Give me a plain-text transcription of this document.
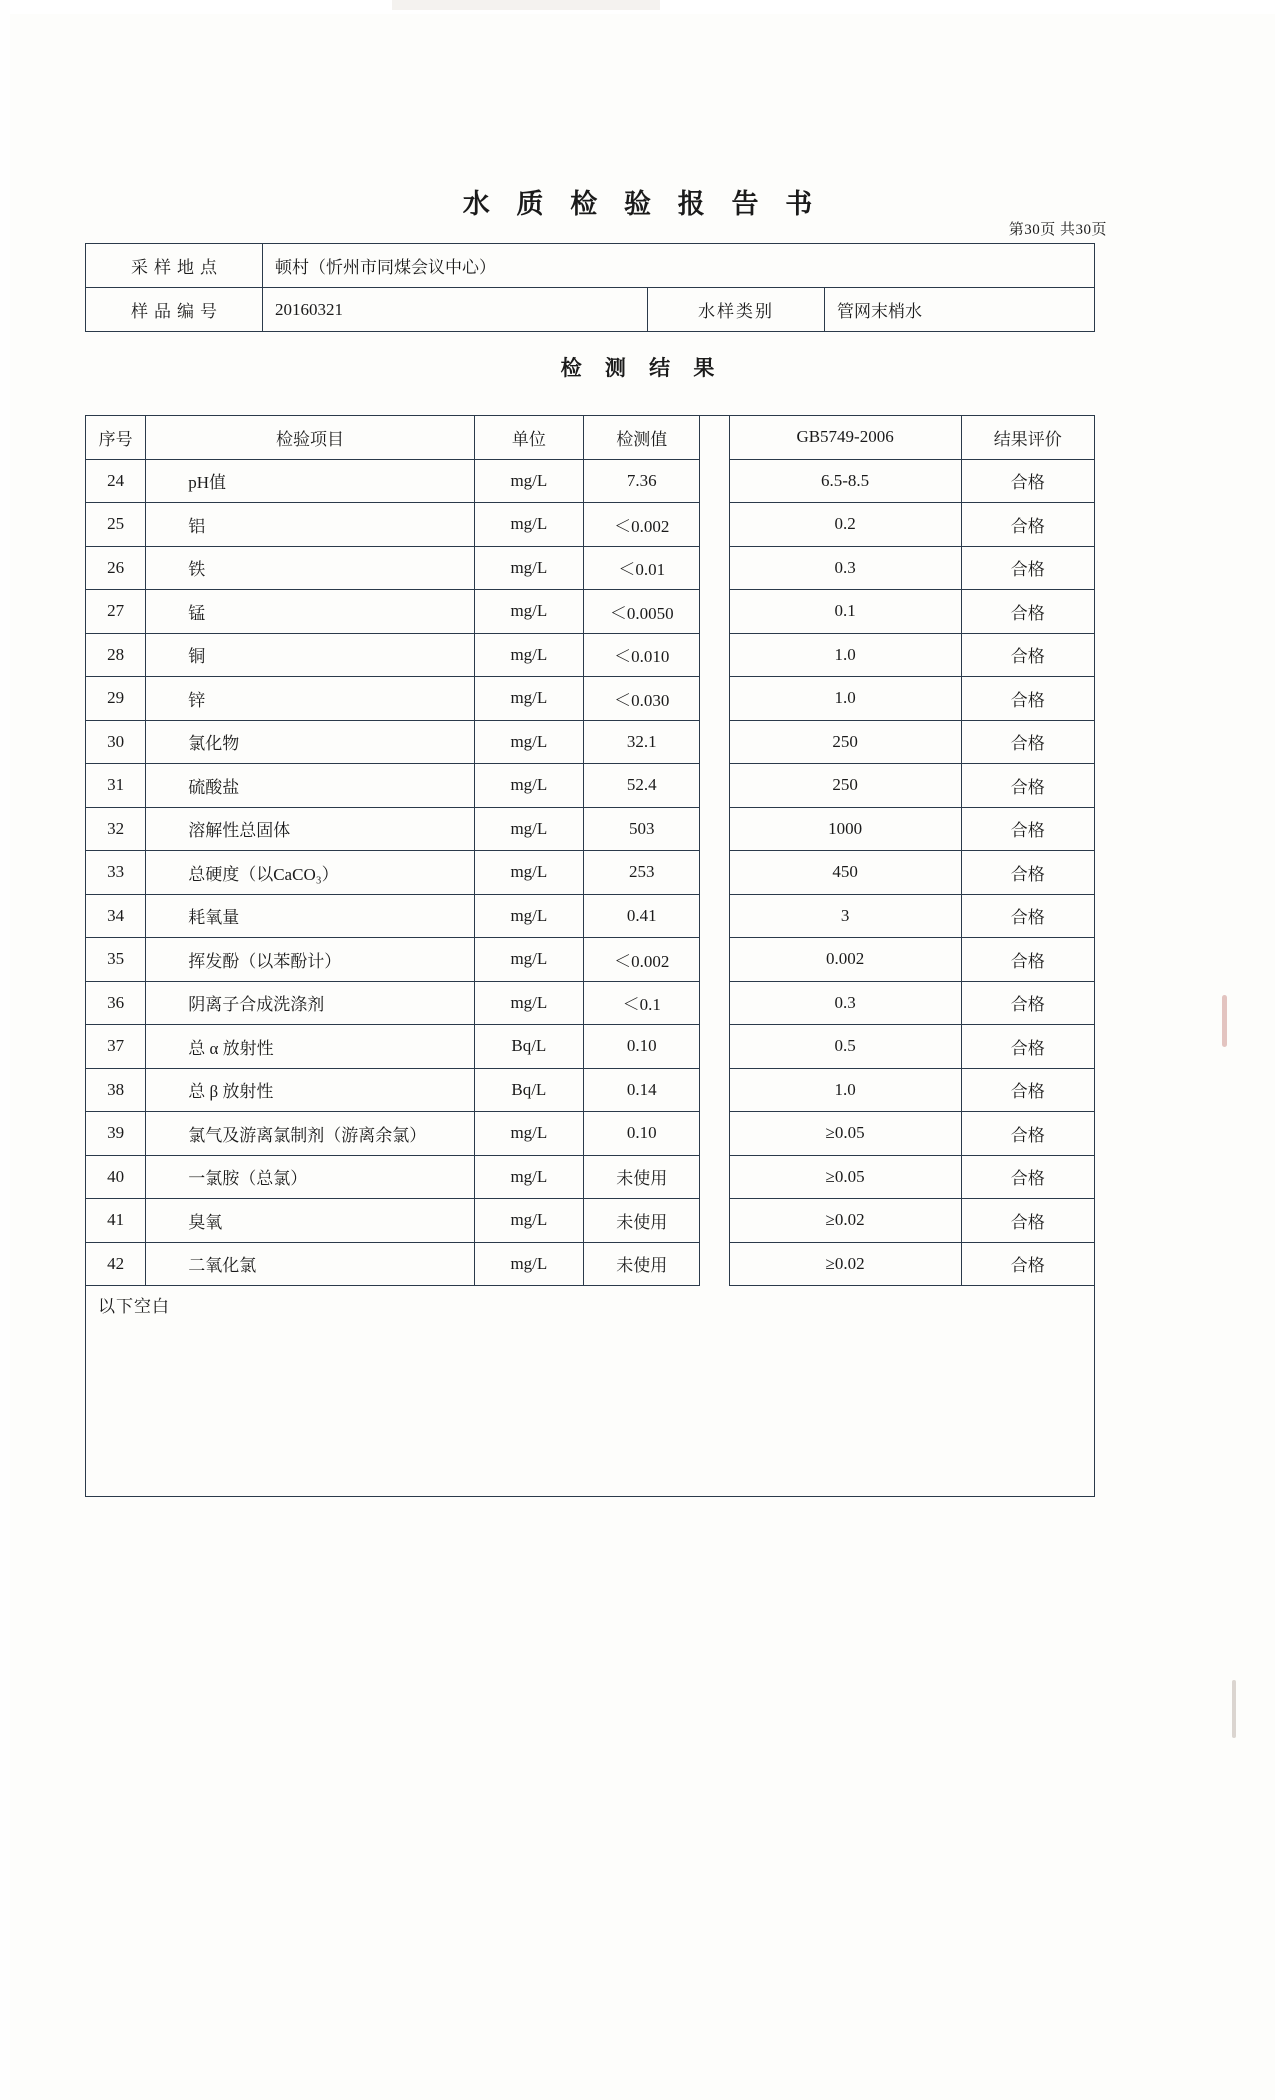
水 质 检 验 报 告 书
第30页 共30页
采样地点	顿村（忻州市同煤会议中心）		
样品编号	20160321	水样类别	管网末梢水
检 测 结 果
序号	检验项目	单位	检测值		GB5749-2006	结果评价
24	pH值	mg/L	7.36		6.5-8.5	合格
25	铝	mg/L	＜0.002		0.2	合格
26	铁	mg/L	＜0.01		0.3	合格
27	锰	mg/L	＜0.0050		0.1	合格
28	铜	mg/L	＜0.010		1.0	合格
29	锌	mg/L	＜0.030		1.0	合格
30	氯化物	mg/L	32.1		250	合格
31	硫酸盐	mg/L	52.4		250	合格
32	溶解性总固体	mg/L	503		1000	合格
33	总硬度（以CaCO₃）	mg/L	253		450	合格
34	耗氧量	mg/L	0.41		3	合格
35	挥发酚（以苯酚计）	mg/L	＜0.002		0.002	合格
36	阴离子合成洗涤剂	mg/L	＜0.1		0.3	合格
37	总 α 放射性	Bq/L	0.10		0.5	合格
38	总 β 放射性	Bq/L	0.14		1.0	合格
39	氯气及游离氯制剂（游离余氯）	mg/L	0.10		≥0.05	合格
40	一氯胺（总氯）	mg/L	未使用		≥0.05	合格
41	臭氧	mg/L	未使用		≥0.02	合格
42	二氧化氯	mg/L	未使用		≥0.02	合格
以下空白
